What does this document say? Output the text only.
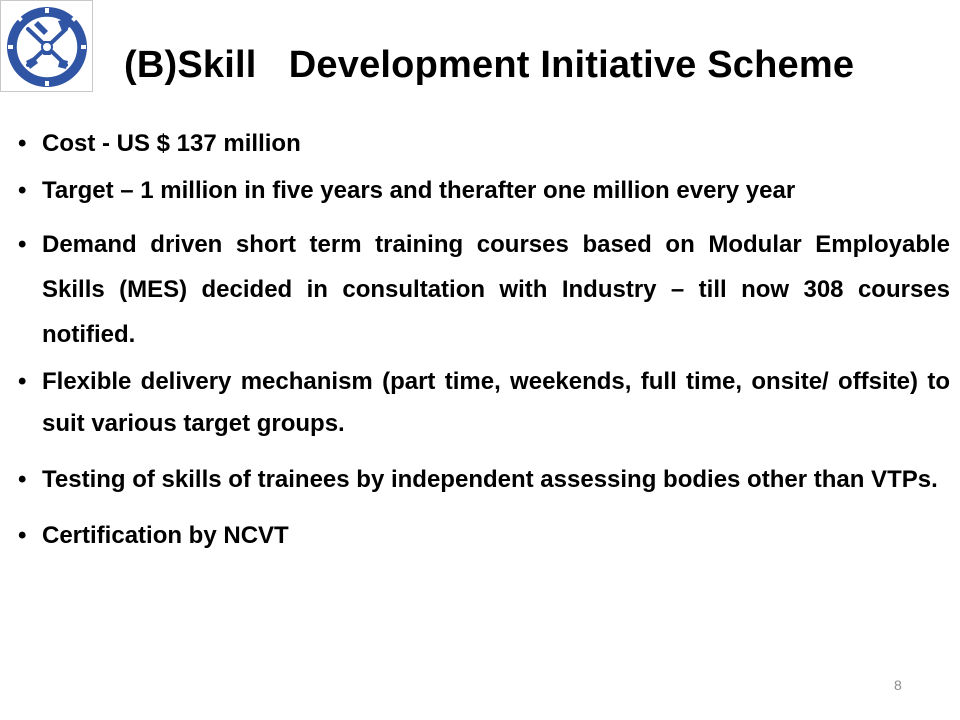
कौशल भारत (B)Skill   Development Initiative Scheme
• Cost - US $ 137 million
• Target – 1 million in five years and therafter one million every year
• Demand driven short term training courses based on Modular Employable Skills (MES) decided in consultation with Industry – till now 308 courses notified.
• Flexible delivery mechanism (part time, weekends, full time, onsite/ offsite) to suit various target groups.
• Testing of skills of trainees by independent assessing bodies other than VTPs.
• Certification by NCVT
8
